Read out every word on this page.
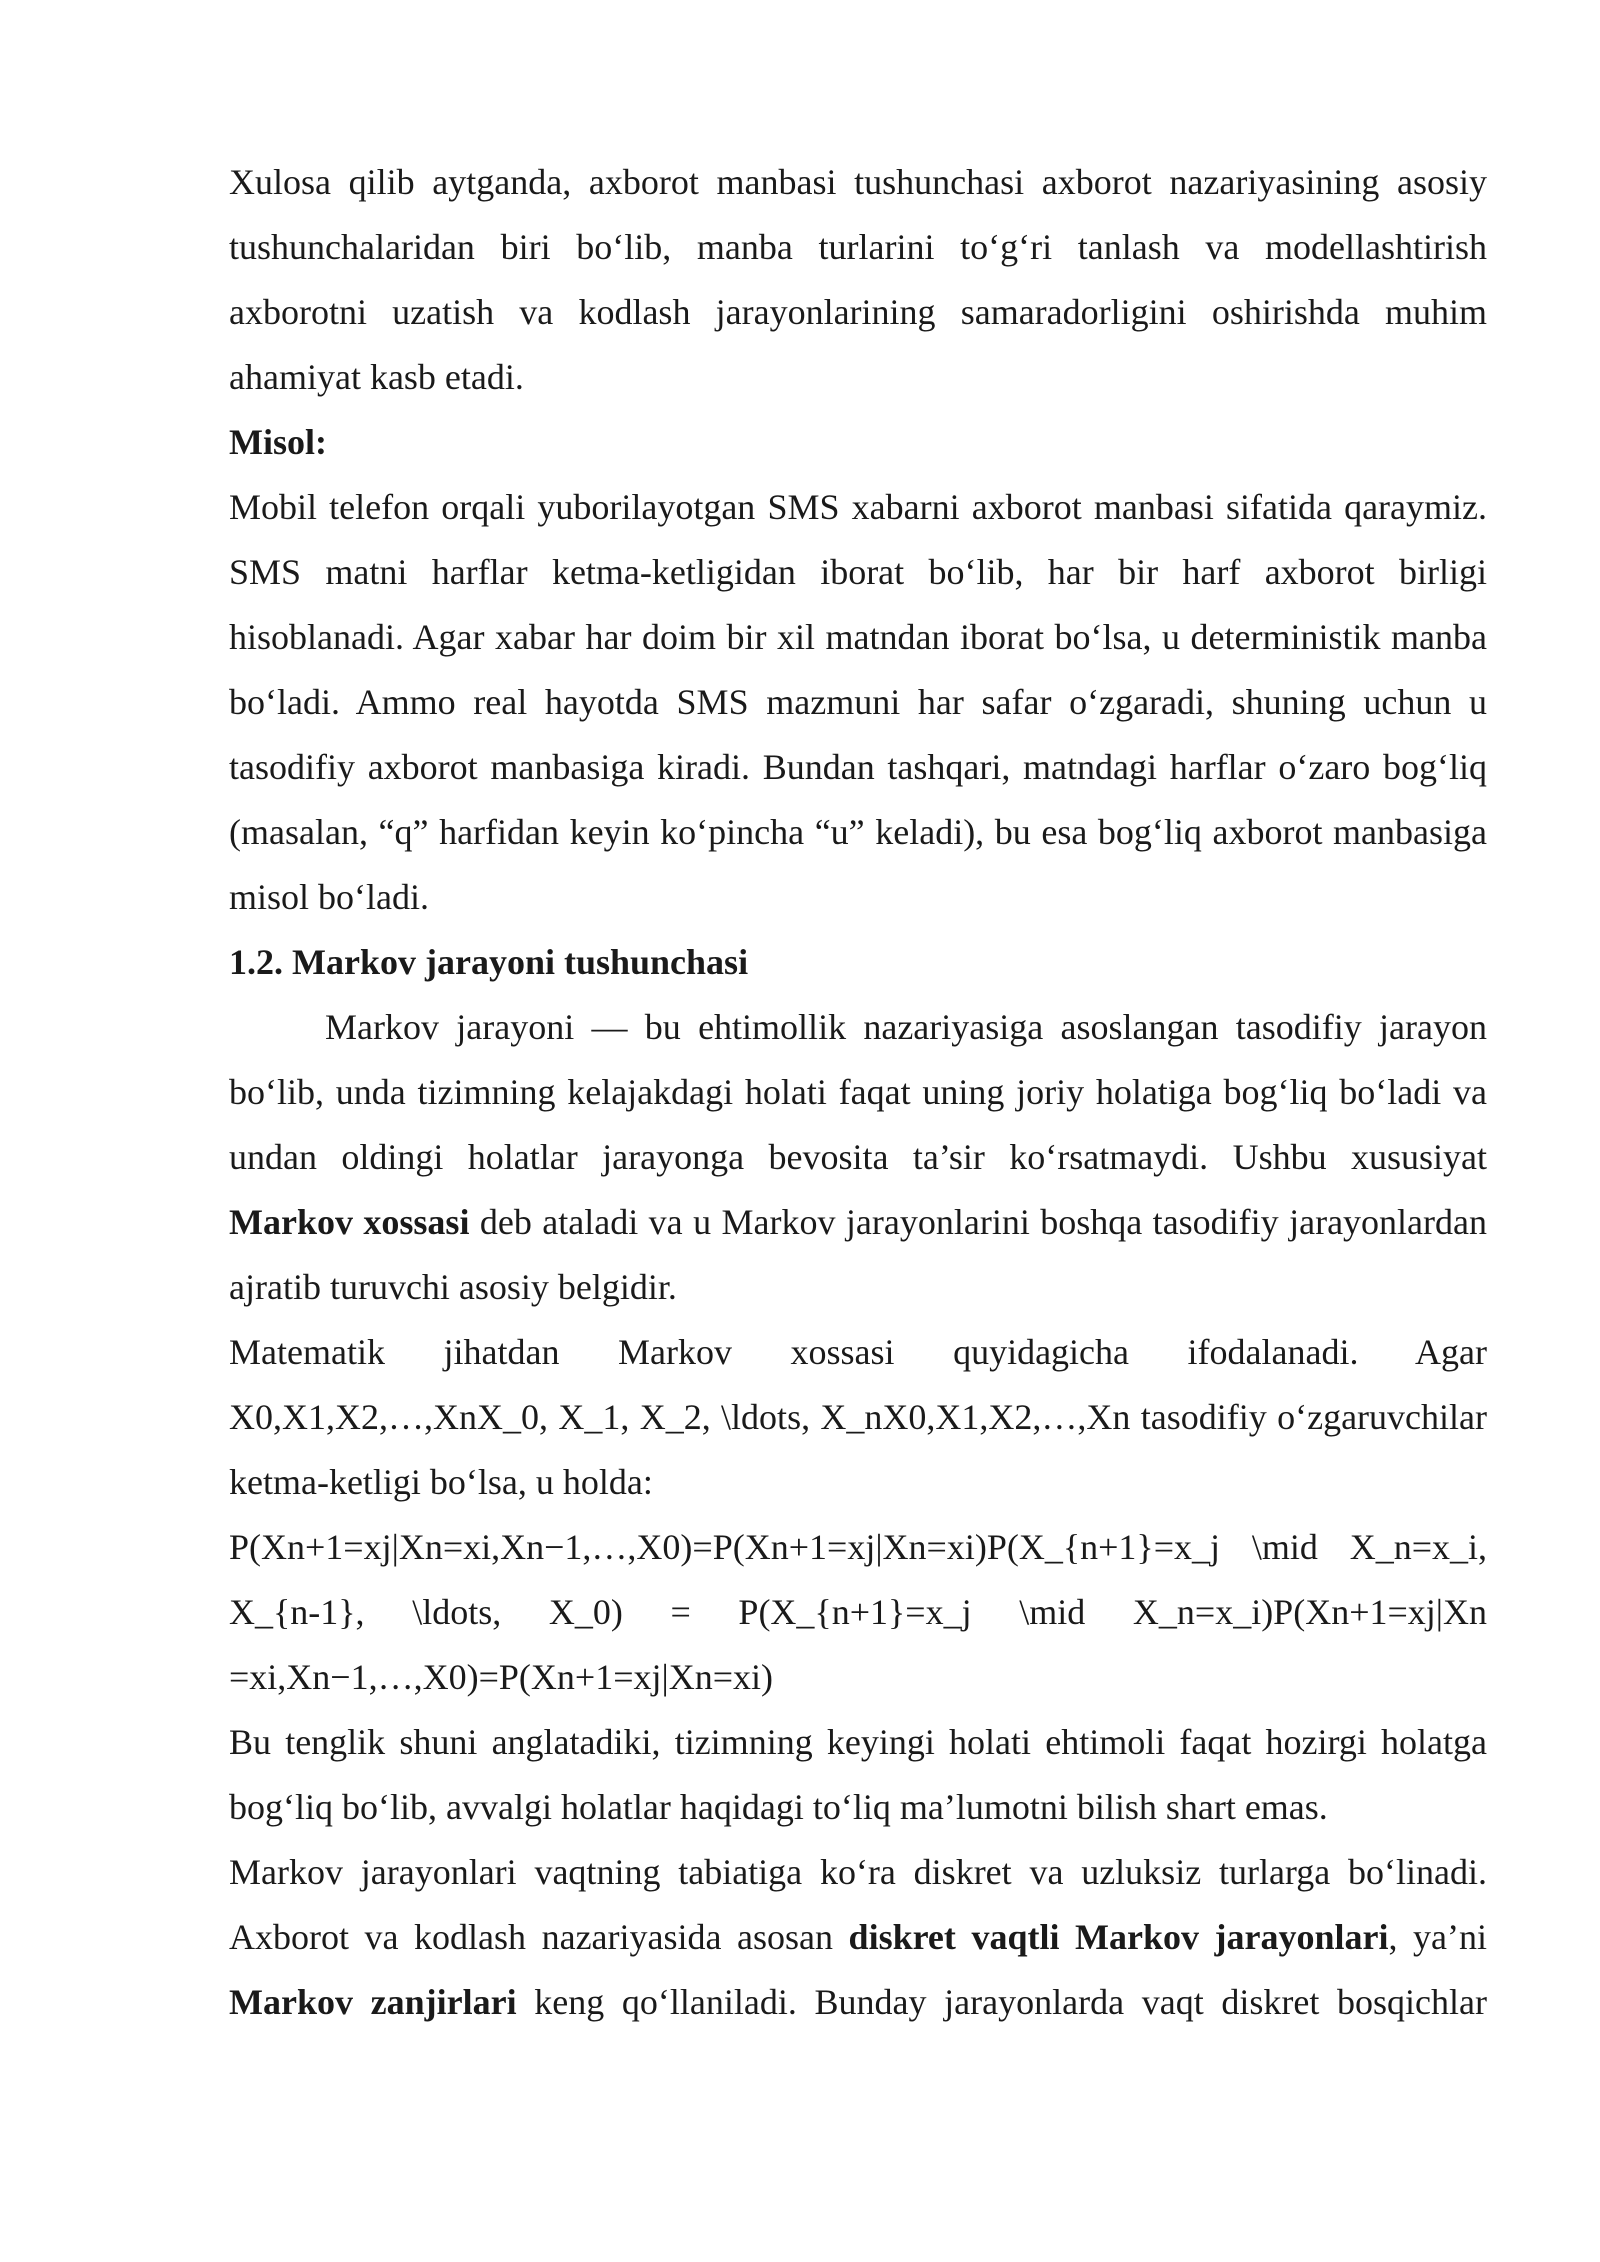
Xulosa qilib aytganda, axborot manbasi tushunchasi axborot nazariyasining asosiy tushunchalaridan biri bo‘lib, manba turlarini to‘g‘ri tanlash va modellashtirish axborotni uzatish va kodlash jarayonlarining samaradorligini oshirishda muhim ahamiyat kasb etadi.

Misol:

Mobil telefon orqali yuborilayotgan SMS xabarni axborot manbasi sifatida qaraymiz. SMS matni harflar ketma-ketligidan iborat bo‘lib, har bir harf axborot birligi hisoblanadi. Agar xabar har doim bir xil matndan iborat bo‘lsa, u deterministik manba bo‘ladi. Ammo real hayotda SMS mazmuni har safar o‘zgaradi, shuning uchun u tasodifiy axborot manbasiga kiradi. Bundan tashqari, matndagi harflar o‘zaro bog‘liq (masalan, “q” harfidan keyin ko‘pincha “u” keladi), bu esa bog‘liq axborot manbasiga misol bo‘ladi.

1.2. Markov jarayoni tushunchasi

Markov jarayoni — bu ehtimollik nazariyasiga asoslangan tasodifiy jarayon bo‘lib, unda tizimning kelajakdagi holati faqat uning joriy holatiga bog‘liq bo‘ladi va undan oldingi holatlar jarayonga bevosita ta’sir ko‘rsatmaydi. Ushbu xususiyat Markov xossasi deb ataladi va u Markov jarayonlarini boshqa tasodifiy jarayonlardan ajratib turuvchi asosiy belgidir.

Matematik jihatdan Markov xossasi quyidagicha ifodalanadi. Agar X0,X1,X2,…,XnX_0, X_1, X_2, \ldots, X_nX0,X1,X2,…,Xn tasodifiy o‘zgaruvchilar ketma-ketligi bo‘lsa, u holda:

P(Xn+1=xj|Xn=xi,Xn−1,…,X0)=P(Xn+1=xj|Xn=xi)P(X_{n+1}=x_j \mid X_n=x_i, X_{n-1}, \ldots, X_0) = P(X_{n+1}=x_j \mid X_n=x_i)P(Xn+1=xj|Xn =xi,Xn−1,…,X0)=P(Xn+1=xj|Xn=xi)

Bu tenglik shuni anglatadiki, tizimning keyingi holati ehtimoli faqat hozirgi holatga bog‘liq bo‘lib, avvalgi holatlar haqidagi to‘liq ma’lumotni bilish shart emas.

Markov jarayonlari vaqtning tabiatiga ko‘ra diskret va uzluksiz turlarga bo‘linadi. Axborot va kodlash nazariyasida asosan diskret vaqtli Markov jarayonlari, ya’ni Markov zanjirlari keng qo‘llaniladi. Bunday jarayonlarda vaqt diskret bosqichlar
